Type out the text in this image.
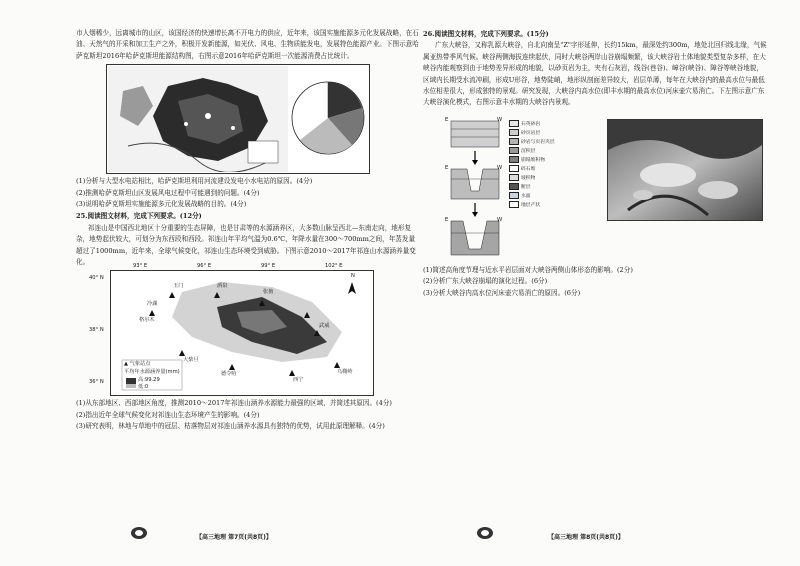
市人烟稀少，远离城市的山区，该国经济的快速增长离不开电力的供应，近年来，该国实施能源多元化发展战略，在石油、天然气的开采和加工生产之外，积极开发新能源，如光伏、风电、生物质能发电，发展特色能源产业。下图示意哈萨克斯坦2016年哈萨克斯坦能源结构图，右图示意2016年哈萨克斯坦一次能源消费占比统计。

(1)分析与大型水电站相比，哈萨克斯坦利用河流建设发电小水电站的原因。(4分)

(2)推测哈萨克斯坦山区发展风电过程中可能遇到的问题。(4分)

(3)说明哈萨克斯坦实施能源多元化发展战略的目的。(4分)

25.阅读图文材料，完成下列要求。(12分)

祁连山是中国西北地区十分重要的生态屏障，也是甘肃等的水源涵养区，大多数山脉呈西北—东南走向，地形复杂，地势起伏较大，可划分为东西段和西段。祁连山年平均气温为0.6℃，年降水量在300～700mm之间，年蒸发量超过了1000mm，近年来，全球气候变化，祁连山生态环境受到威胁。下图示意2010～2017年祁连山水源涵养量变化。

93° E	96° E	99° E	102° E
40° N
38° N
36° N
N
酒泉
张掖
玉门
武威
西宁
德令哈
大柴旦
格尔木
冷湖
乌鞘岭
▲ 气象站点
平均年水源涵养量(mm)
高:99.29
低:0

(1)从东部地区、西部地区角度，推测2010～2017年祁连山涵养水源能力最强的区域，并简述其原因。(4分)

(2)指出近年全球气候变化对祁连山生态环境产生的影响。(4分)

(3)研究表明，林地与草地中的冠层、枯落物层对祁连山涵养水源具有独特的优势，试用此原理解释。(4分)

【高三地理 第7页(共8页)】

26.阅读图文材料，完成下列要求。(15分)

广东大峡谷，又称乳源大峡谷，自北向南呈"Z"字形延伸，长约15km，最深处约300m，地处北回归线北缘，气候属亚热带季风气候。峡谷两侧海拔连续起伏，同时大峡谷两岸山谷崩塌频繁，该大峡谷岩土体地貌类型复杂多样，在大峡谷内能观察到由于地势差异形成的地貌，以砂页岩为主，夹有石灰岩，线谷(巷谷)、嶂谷(峡谷)、障谷等峡谷地貌，区域内长期受水流冲刷，形成U形谷，地势陡峭，地形纵剖面差异较大，岩层单薄，每年在大峡谷内的最高水位与最低水位相差很大，形成独特的景观。研究发现，大峡谷内高水位(即丰水期的最高水位)河床壶穴易消亡。下左图示意广东大峡谷演化模式，右图示意丰水期的大峡谷内景观。

E	W
E	W
E	W
石英砂岩
砂页岩层
砂岩与页岩夹层
沉积层
崩塌堆积物
碎石堆
坡积物
断层
水面
地层产状

(1)简述高角度节理与近水平岩层面对大峡谷两侧山体形态的影响。(2分)

(2)分析广东大峡谷崩塌的演化过程。(6分)

(3)分析大峡谷内高水位河床壶穴易消亡的原因。(6分)

【高三地理 第8页(共8页)】
